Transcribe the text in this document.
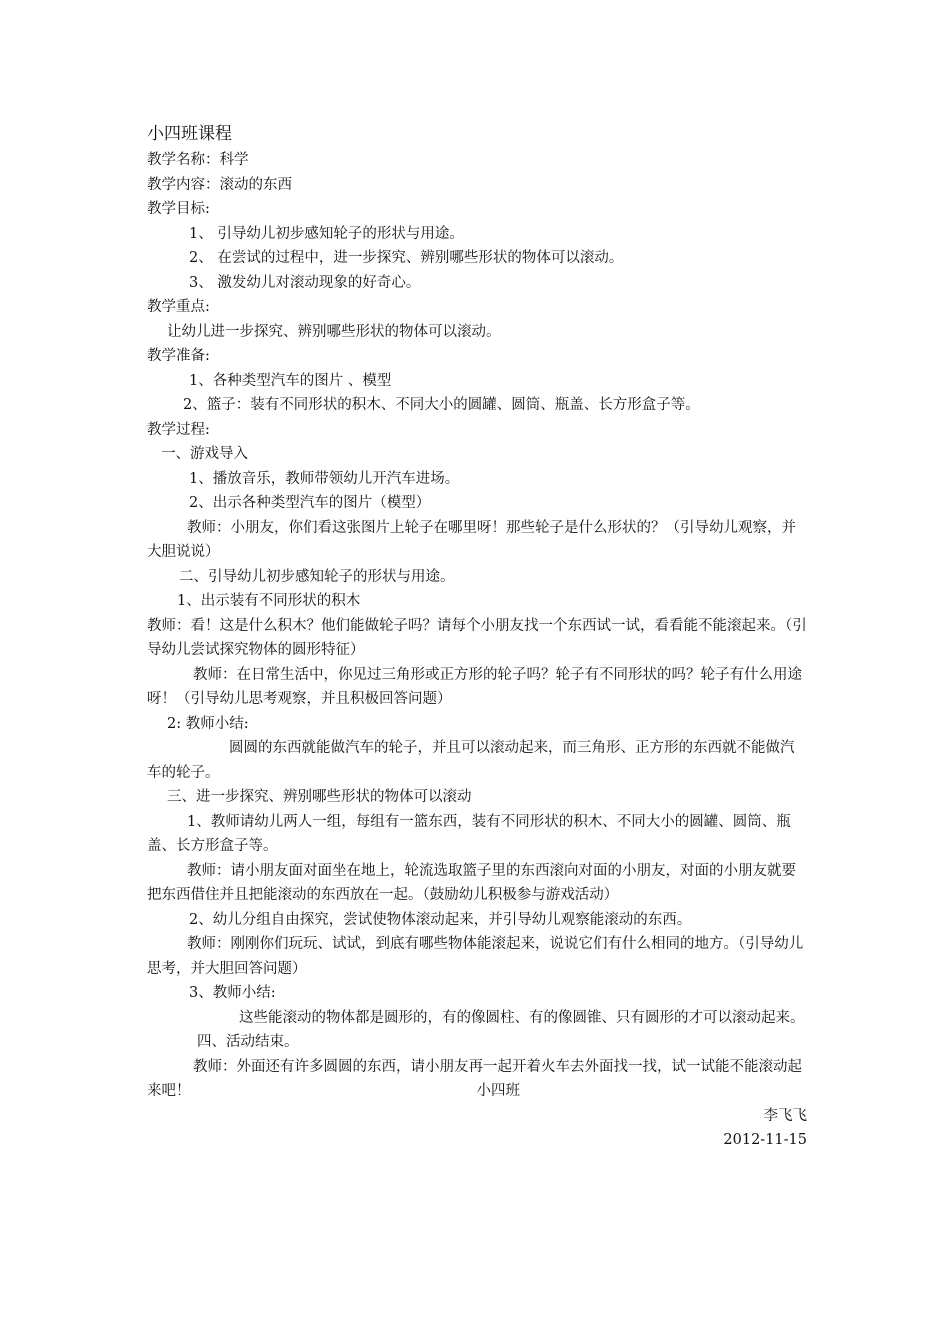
小四班课程

教学名称：科学

教学内容：滚动的东西

教学目标:

1、 引导幼儿初步感知轮子的形状与用途。

2、 在尝试的过程中，进一步探究、辨别哪些形状的物体可以滚动。

3、 激发幼儿对滚动现象的好奇心。

教学重点:

让幼儿进一步探究、辨别哪些形状的物体可以滚动。

教学准备:

1、各种类型汽车的图片 、模型

2、篮子：装有不同形状的积木、不同大小的圆罐、圆筒、瓶盖、长方形盒子等。

教学过程:

一、游戏导入

1、播放音乐，教师带领幼儿开汽车进场。

2、出示各种类型汽车的图片（模型）

教师：小朋友，你们看这张图片上轮子在哪里呀！那些轮子是什么形状的？（引导幼儿观察，并大胆说说）

二、引导幼儿初步感知轮子的形状与用途。

1、出示装有不同形状的积木

教师：看！这是什么积木？他们能做轮子吗？请每个小朋友找一个东西试一试，看看能不能滚起来。（引导幼儿尝试探究物体的圆形特征）

教师：在日常生活中，你见过三角形或正方形的轮子吗？轮子有不同形状的吗？轮子有什么用途呀！（引导幼儿思考观察，并且积极回答问题）

2: 教师小结:

圆圆的东西就能做汽车的轮子，并且可以滚动起来，而三角形、正方形的东西就不能做汽车的轮子。

三、进一步探究、辨别哪些形状的物体可以滚动

1、教师请幼儿两人一组，每组有一篮东西，装有不同形状的积木、不同大小的圆罐、圆筒、瓶盖、长方形盒子等。

教师：请小朋友面对面坐在地上，轮流选取篮子里的东西滚向对面的小朋友，对面的小朋友就要把东西借住并且把能滚动的东西放在一起。（鼓励幼儿积极参与游戏活动）

2、幼儿分组自由探究，尝试使物体滚动起来，并引导幼儿观察能滚动的东西。

教师：刚刚你们玩玩、试试，到底有哪些物体能滚起来，说说它们有什么相同的地方。（引导幼儿思考，并大胆回答问题）

3、教师小结:

这些能滚动的物体都是圆形的，有的像圆柱、有的像圆锥、只有圆形的才可以滚动起来。

四、活动结束。

教师：外面还有许多圆圆的东西，请小朋友再一起开着火车去外面找一找，试一试能不能滚动起来吧！	小四班

李飞飞

2012-11-15
